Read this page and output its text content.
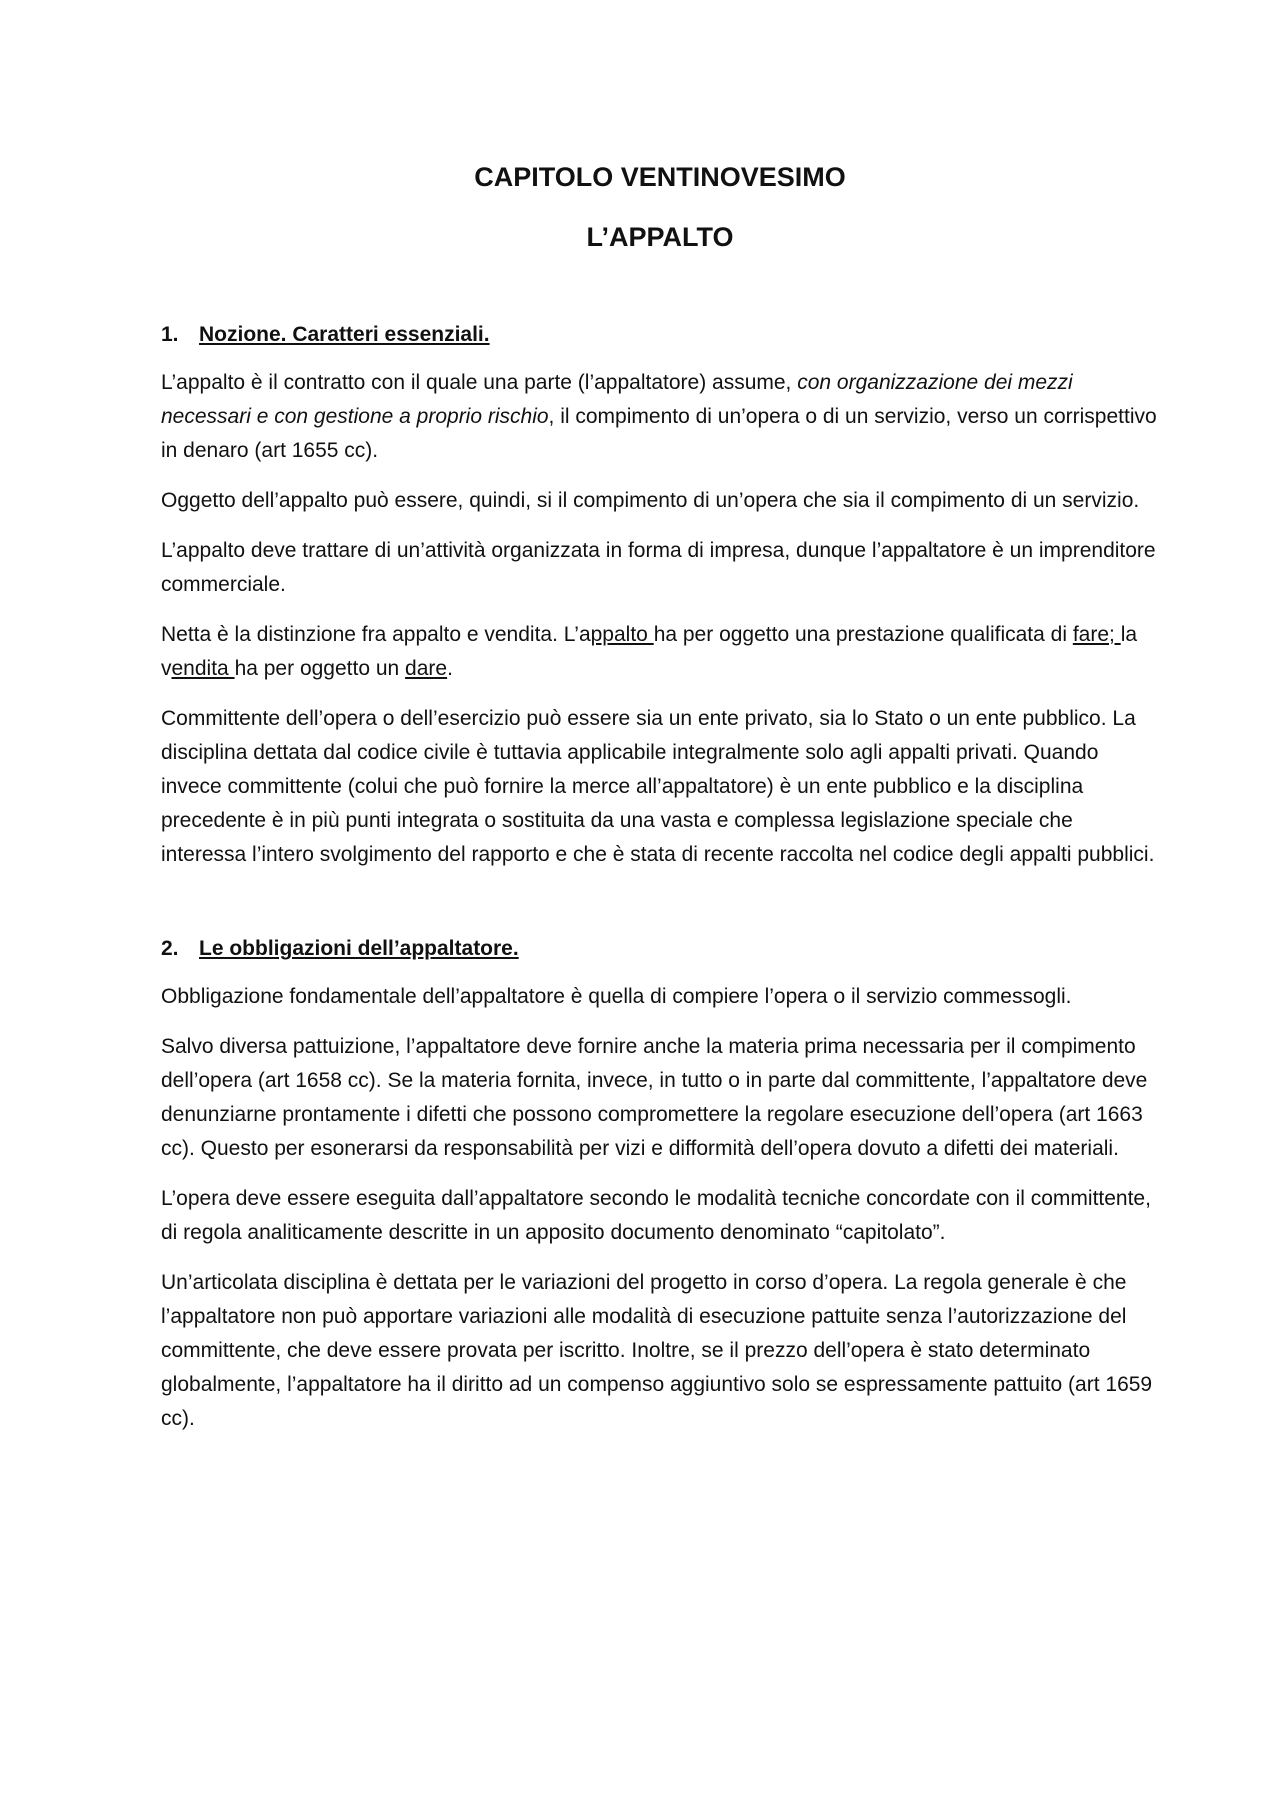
CAPITOLO VENTINOVESIMO
L’APPALTO
1. Nozione. Caratteri essenziali.

L’appalto è il contratto con il quale una parte (l’appaltatore) assume, con organizzazione dei mezzi necessari e con gestione a proprio rischio, il compimento di un’opera o di un servizio, verso un corrispettivo in denaro (art 1655 cc).

Oggetto dell’appalto può essere, quindi, si il compimento di un’opera che sia il compimento di un servizio.

L’appalto deve trattare di un’attività organizzata in forma di impresa, dunque l’appaltatore è un imprenditore commerciale.

Netta è la distinzione fra appalto e vendita. L’appalto ha per oggetto una prestazione qualificata di fare; la vendita ha per oggetto un dare.

Committente dell’opera o dell’esercizio può essere sia un ente privato, sia lo Stato o un ente pubblico. La disciplina dettata dal codice civile è tuttavia applicabile integralmente solo agli appalti privati. Quando invece committente (colui che può fornire la merce all’appaltatore) è un ente pubblico e la disciplina precedente è in più punti integrata o sostituita da una vasta e complessa legislazione speciale che interessa l’intero svolgimento del rapporto e che è stata di recente raccolta nel codice degli appalti pubblici.

2. Le obbligazioni dell’appaltatore.

Obbligazione fondamentale dell’appaltatore è quella di compiere l’opera o il servizio commessogli.

Salvo diversa pattuizione, l’appaltatore deve fornire anche la materia prima necessaria per il compimento dell’opera (art 1658 cc). Se la materia fornita, invece, in tutto o in parte dal committente, l’appaltatore deve denunziarne prontamente i difetti che possono compromettere la regolare esecuzione dell’opera (art 1663 cc). Questo per esonerarsi da responsabilità per vizi e difformità dell’opera dovuto a difetti dei materiali.

L’opera deve essere eseguita dall’appaltatore secondo le modalità tecniche concordate con il committente, di regola analiticamente descritte in un apposito documento denominato “capitolato”.

Un’articolata disciplina è dettata per le variazioni del progetto in corso d’opera. La regola generale è che l’appaltatore non può apportare variazioni alle modalità di esecuzione pattuite senza l’autorizzazione del committente, che deve essere provata per iscritto. Inoltre, se il prezzo dell’opera è stato determinato globalmente, l’appaltatore ha il diritto ad un compenso aggiuntivo solo se espressamente pattuito (art 1659 cc).
